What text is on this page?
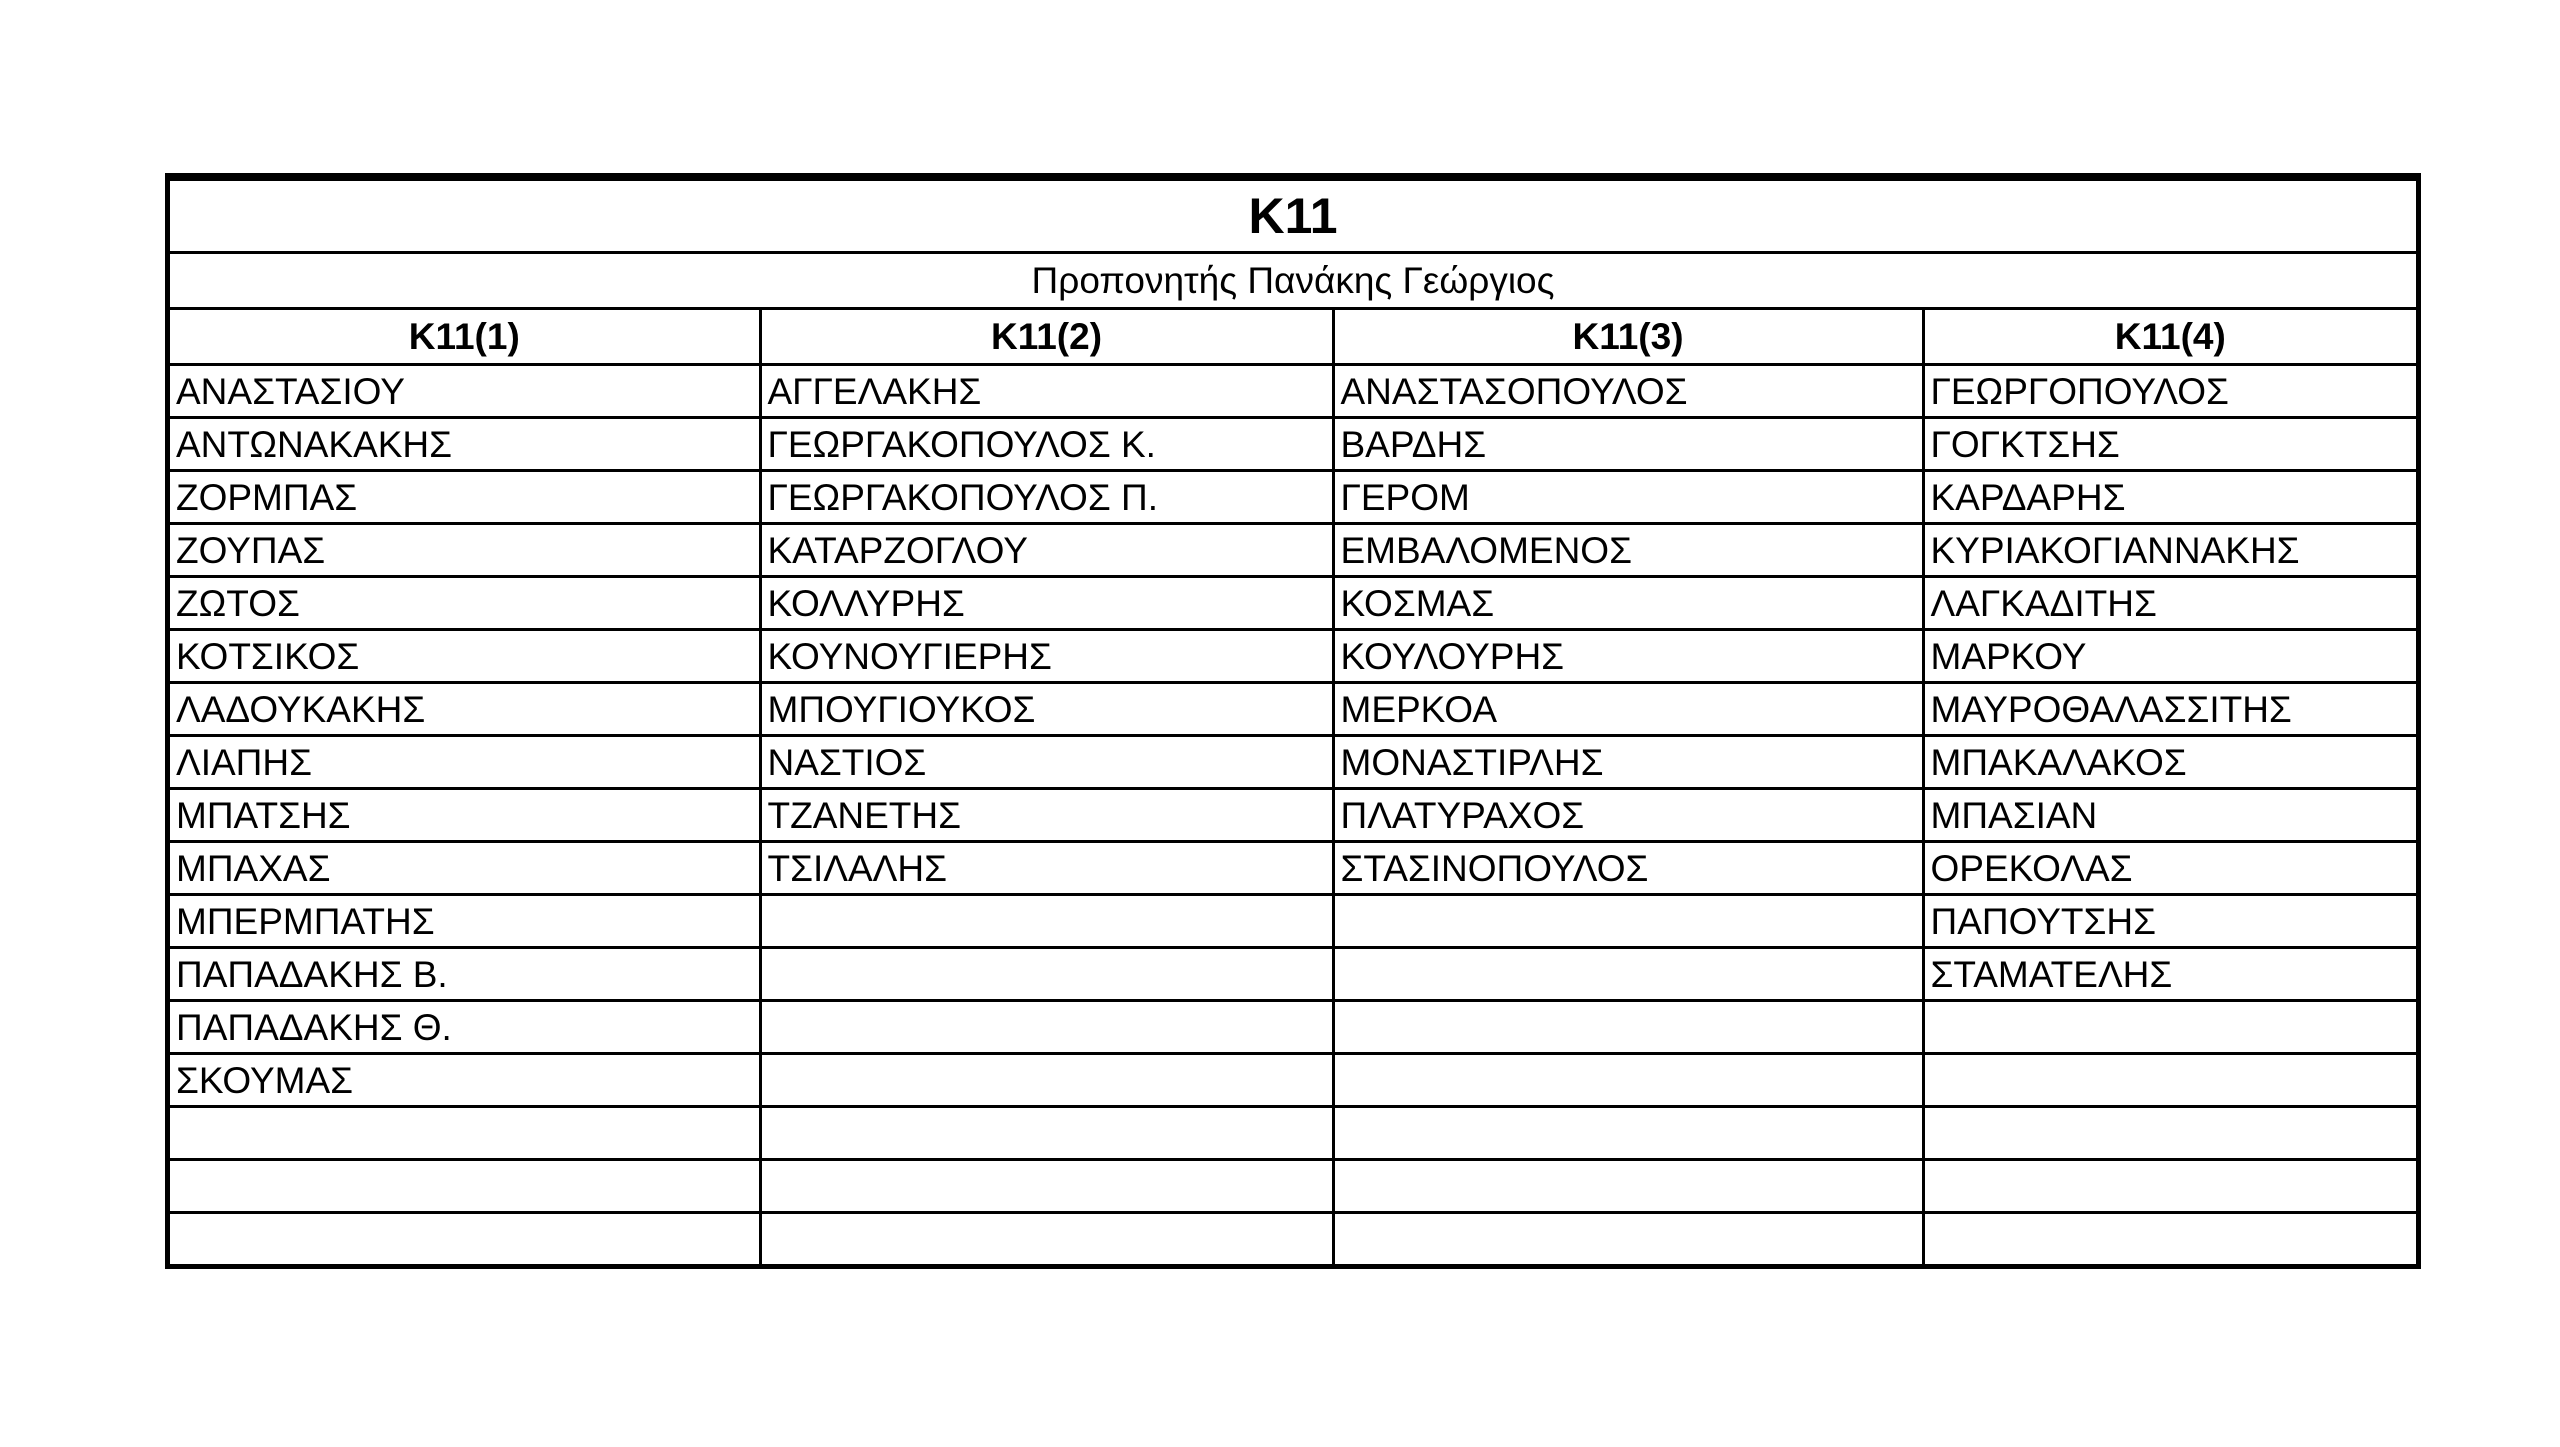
K11			
Προπονητής Πανάκης Γεώργιος			
K11(1)	K11(2)	K11(3)	K11(4)
ΑΝΑΣΤΑΣΙΟΥ	ΑΓΓΕΛΑΚΗΣ	ΑΝΑΣΤΑΣΟΠΟΥΛΟΣ	ΓΕΩΡΓΟΠΟΥΛΟΣ
ΑΝΤΩΝΑΚΑΚΗΣ	ΓΕΩΡΓΑΚΟΠΟΥΛΟΣ Κ.	ΒΑΡΔΗΣ	ΓΟΓΚΤΣΗΣ
ΖΟΡΜΠΑΣ	ΓΕΩΡΓΑΚΟΠΟΥΛΟΣ Π.	ΓΕΡΟΜ	ΚΑΡΔΑΡΗΣ
ΖΟΥΠΑΣ	ΚΑΤΑΡΖΟΓΛΟΥ	ΕΜΒΑΛΟΜΕΝΟΣ	ΚΥΡΙΑΚΟΓΙΑΝΝΑΚΗΣ
ΖΩΤΟΣ	ΚΟΛΛΥΡΗΣ	ΚΟΣΜΑΣ	ΛΑΓΚΑΔΙΤΗΣ
ΚΟΤΣΙΚΟΣ	ΚΟΥΝΟΥΓΙΕΡΗΣ	ΚΟΥΛΟΥΡΗΣ	ΜΑΡΚΟΥ
ΛΑΔΟΥΚΑΚΗΣ	ΜΠΟΥΓΙΟΥΚΟΣ	ΜΕΡΚΟΑ	ΜΑΥΡΟΘΑΛΑΣΣΙΤΗΣ
ΛΙΑΠΗΣ	ΝΑΣΤΙΟΣ	ΜΟΝΑΣΤΙΡΛΗΣ	ΜΠΑΚΑΛΑΚΟΣ
ΜΠΑΤΣΗΣ	ΤΖΑΝΕΤΗΣ	ΠΛΑΤΥΡΑΧΟΣ	ΜΠΑΣΙΑΝ
ΜΠΑΧΑΣ	ΤΣΙΛΑΛΗΣ	ΣΤΑΣΙΝΟΠΟΥΛΟΣ	ΟΡΕΚΟΛΑΣ
ΜΠΕΡΜΠΑΤΗΣ			ΠΑΠΟΥΤΣΗΣ
ΠΑΠΑΔΑΚΗΣ Β.			ΣΤΑΜΑΤΕΛΗΣ
ΠΑΠΑΔΑΚΗΣ Θ.			
ΣΚΟΥΜΑΣ			
